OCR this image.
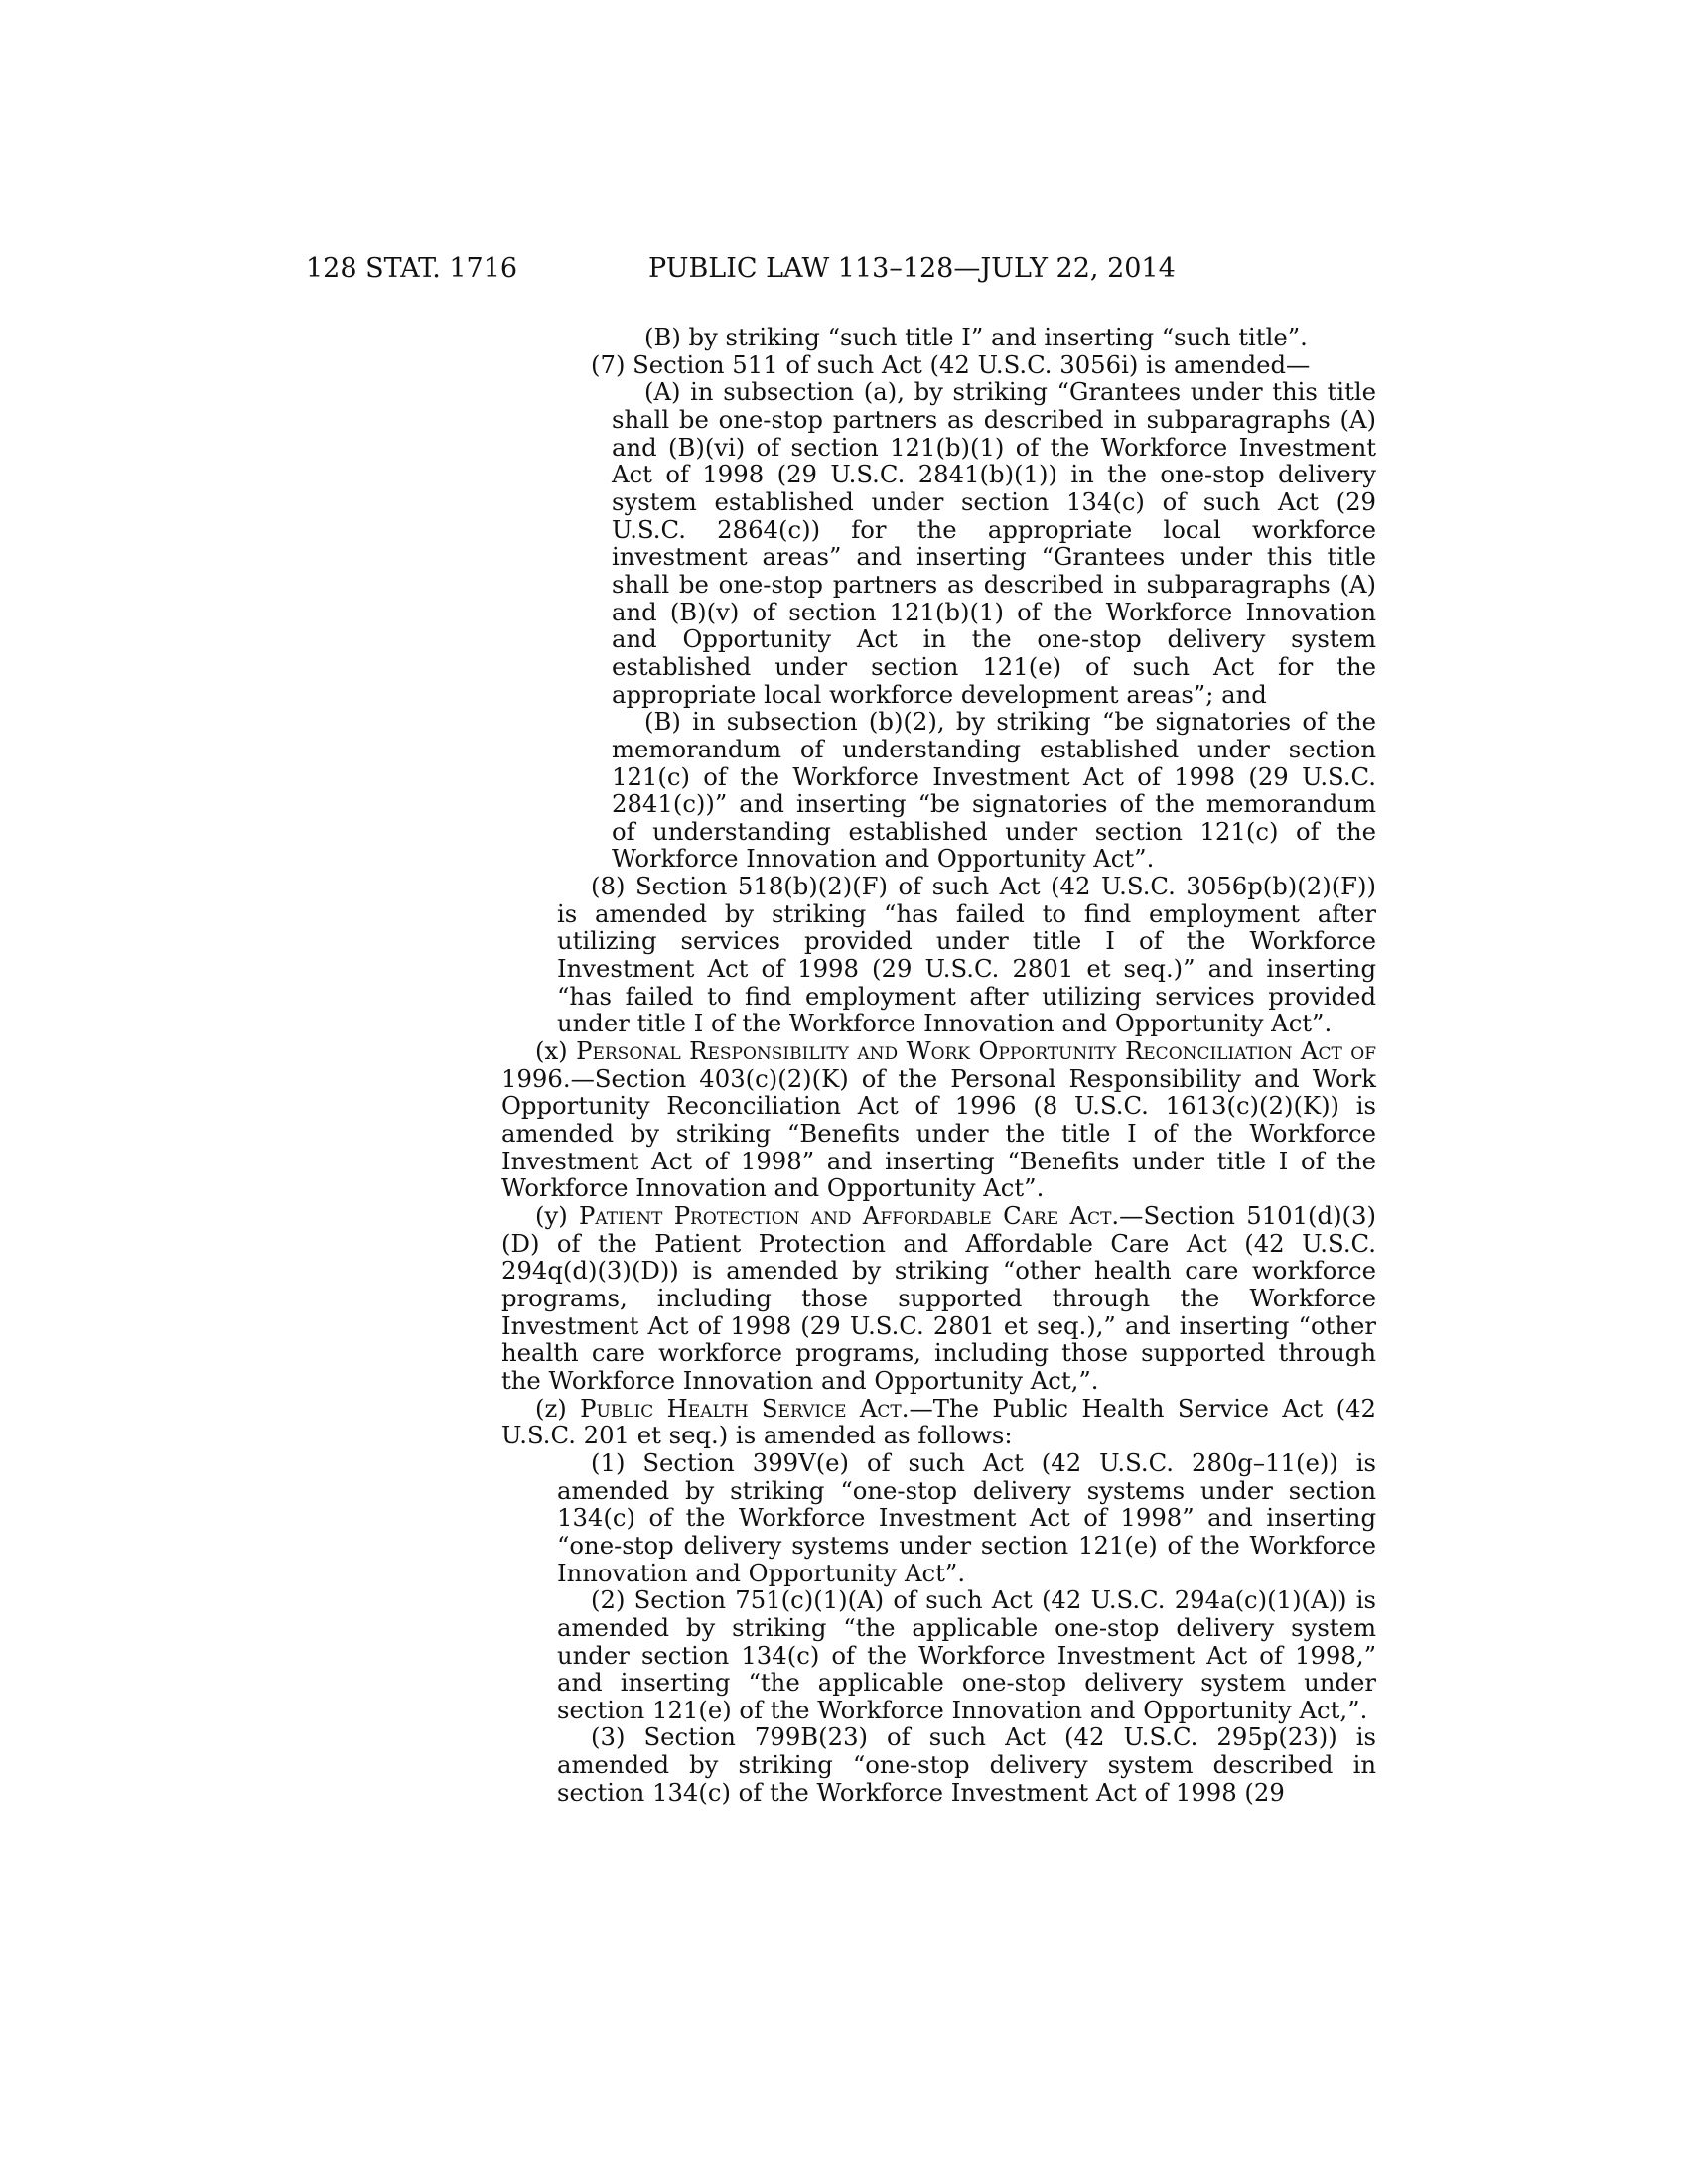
128 STAT. 1716	PUBLIC LAW 113–128—JULY 22, 2014

(B) by striking “such title I” and inserting “such title”.

(7) Section 511 of such Act (42 U.S.C. 3056i) is amended—

(A) in subsection (a), by striking “Grantees under this title shall be one-stop partners as described in subparagraphs (A) and (B)(vi) of section 121(b)(1) of the Workforce Investment Act of 1998 (29 U.S.C. 2841(b)(1)) in the one-stop delivery system established under section 134(c) of such Act (29 U.S.C. 2864(c)) for the appropriate local workforce investment areas” and inserting “Grantees under this title shall be one-stop partners as described in subparagraphs (A) and (B)(v) of section 121(b)(1) of the Workforce Innovation and Opportunity Act in the one-stop delivery system established under section 121(e) of such Act for the appropriate local workforce development areas”; and

(B) in subsection (b)(2), by striking “be signatories of the memorandum of understanding established under section 121(c) of the Workforce Investment Act of 1998 (29 U.S.C. 2841(c))” and inserting “be signatories of the memorandum of understanding established under section 121(c) of the Workforce Innovation and Opportunity Act”.

(8) Section 518(b)(2)(F) of such Act (42 U.S.C. 3056p(b)(2)(F)) is amended by striking “has failed to find employment after utilizing services provided under title I of the Workforce Investment Act of 1998 (29 U.S.C. 2801 et seq.)” and inserting “has failed to find employment after utilizing services provided under title I of the Workforce Innovation and Opportunity Act”.

(x) Personal Responsibility and Work Opportunity Reconciliation Act of 1996.—Section 403(c)(2)(K) of the Personal Responsibility and Work Opportunity Reconciliation Act of 1996 (8 U.S.C. 1613(c)(2)(K)) is amended by striking “Benefits under the title I of the Workforce Investment Act of 1998” and inserting “Benefits under title I of the Workforce Innovation and Opportunity Act”.

(y) Patient Protection and Affordable Care Act.—Section 5101(d)(3)(D) of the Patient Protection and Affordable Care Act (42 U.S.C. 294q(d)(3)(D)) is amended by striking “other health care workforce programs, including those supported through the Workforce Investment Act of 1998 (29 U.S.C. 2801 et seq.),” and inserting “other health care workforce programs, including those supported through the Workforce Innovation and Opportunity Act,”.

(z) Public Health Service Act.—The Public Health Service Act (42 U.S.C. 201 et seq.) is amended as follows:

(1) Section 399V(e) of such Act (42 U.S.C. 280g–11(e)) is amended by striking “one-stop delivery systems under section 134(c) of the Workforce Investment Act of 1998” and inserting “one-stop delivery systems under section 121(e) of the Workforce Innovation and Opportunity Act”.

(2) Section 751(c)(1)(A) of such Act (42 U.S.C. 294a(c)(1)(A)) is amended by striking “the applicable one-stop delivery system under section 134(c) of the Workforce Investment Act of 1998,” and inserting “the applicable one-stop delivery system under section 121(e) of the Workforce Innovation and Opportunity Act,”.

(3) Section 799B(23) of such Act (42 U.S.C. 295p(23)) is amended by striking “one-stop delivery system described in section 134(c) of the Workforce Investment Act of 1998 (29
